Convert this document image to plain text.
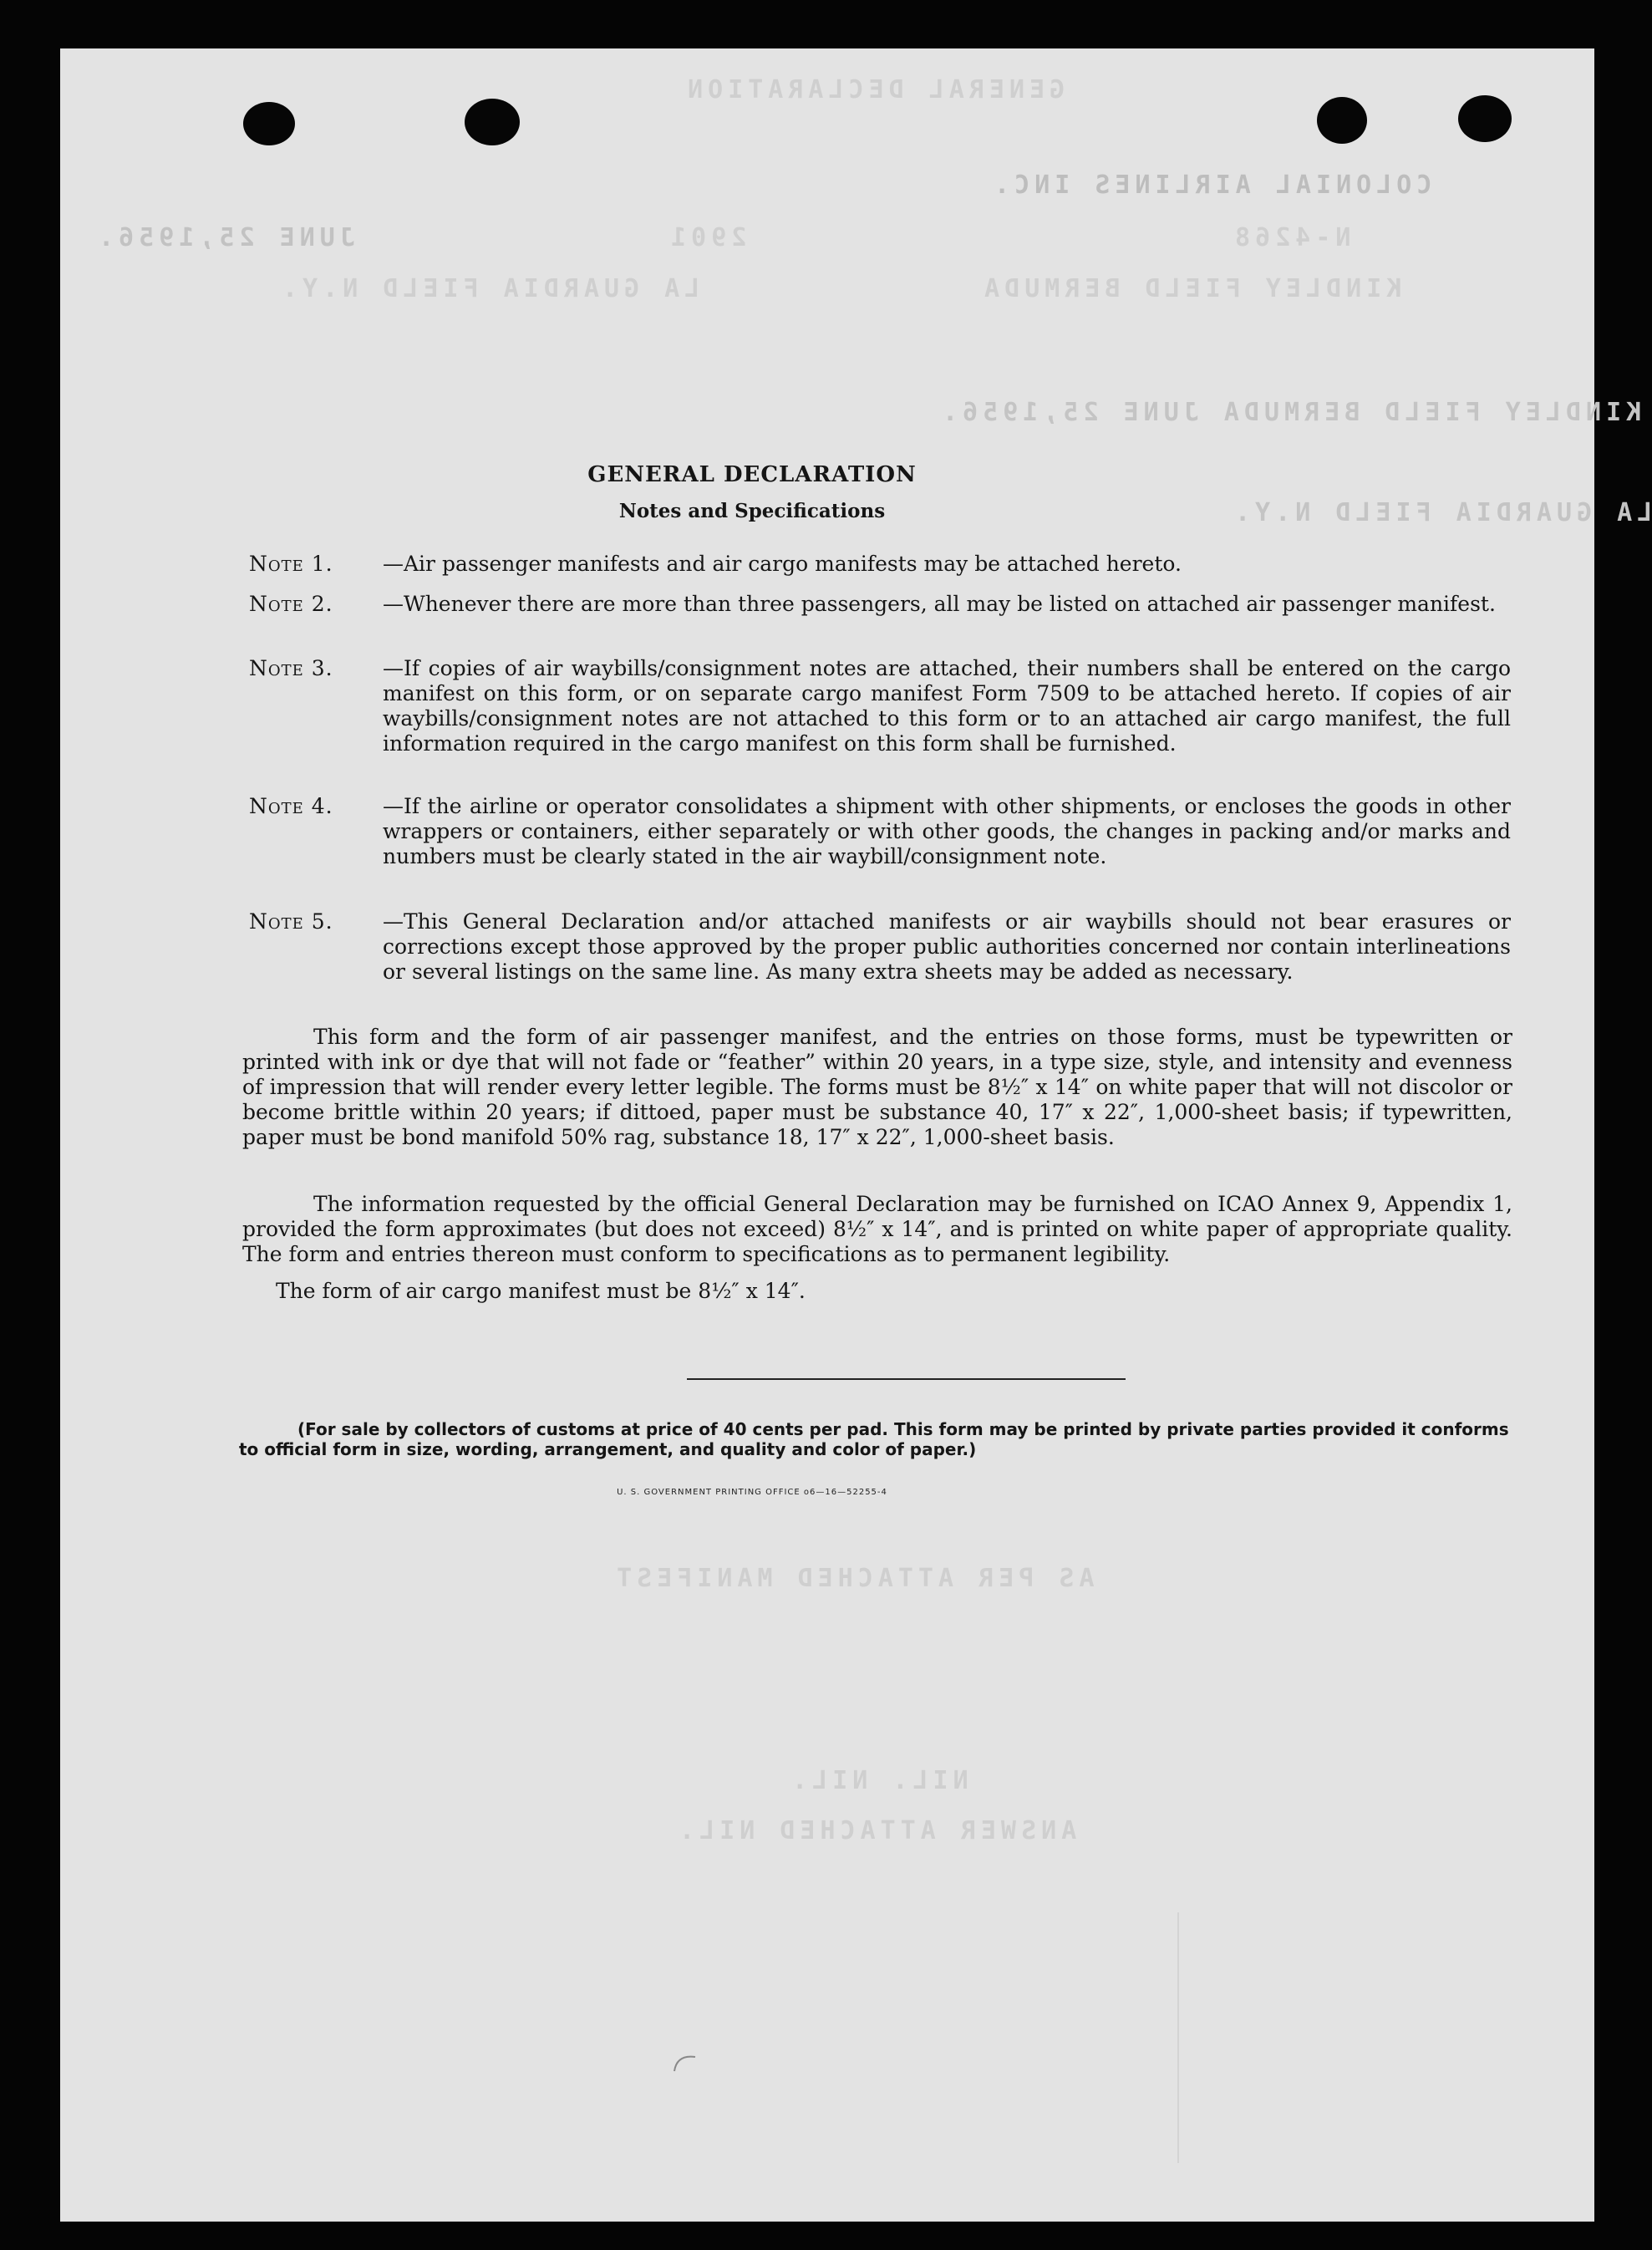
GENERAL DECLARATION
COLONIAL AIRLINES INC.
N-4268
2901
JUNE 25,1956.
KINDLEY FIELD BERMUDA
LA GUARDIA FIELD N.Y.
KINDLEY FIELD BERMUDA JUNE 25,1956.
LA GUARDIA FIELD N.Y.
AS PER ATTACHED MANIFEST
NIL. NIL.
ANSWER ATTACHED NIL.
GENERAL DECLARATION
Notes and Specifications
Note 1.	—Air passenger manifests and air cargo manifests may be attached hereto.
Note 2.	—Whenever there are more than three passengers, all may be listed on attached air passenger manifest.
Note 3.	—If copies of air waybills/consignment notes are attached, their numbers shall be entered on the cargo manifest on this form, or on separate cargo manifest Form 7509 to be attached hereto. If copies of air waybills/consignment notes are not attached to this form or to an attached air cargo manifest, the full information required in the cargo manifest on this form shall be furnished.
Note 4.	—If the airline or operator consolidates a shipment with other shipments, or encloses the goods in other wrappers or containers, either separately or with other goods, the changes in packing and/or marks and numbers must be clearly stated in the air waybill/consignment note.
Note 5.	—This General Declaration and/or attached manifests or air waybills should not bear erasures or corrections except those approved by the proper public authorities concerned nor contain interlineations or several listings on the same line. As many extra sheets may be added as necessary.
This form and the form of air passenger manifest, and the entries on those forms, must be typewritten or printed with ink or dye that will not fade or “feather” within 20 years, in a type size, style, and intensity and evenness of impression that will render every letter legible. The forms must be 8½″ x 14″ on white paper that will not discolor or become brittle within 20 years; if dittoed, paper must be substance 40, 17″ x 22″, 1,000-sheet basis; if typewritten, paper must be bond manifold 50% rag, substance 18, 17″ x 22″, 1,000-sheet basis.
The information requested by the official General Declaration may be furnished on ICAO Annex 9, Appendix 1, provided the form approximates (but does not exceed) 8½″ x 14″, and is printed on white paper of appropriate quality. The form and entries thereon must conform to specifications as to permanent legibility.
The form of air cargo manifest must be 8½″ x 14″.
(For sale by collectors of customs at price of 40 cents per pad. This form may be printed by private parties provided it conforms to official form in size, wording, arrangement, and quality and color of paper.)
U. S. GOVERNMENT PRINTING OFFICE o6—16—52255-4
